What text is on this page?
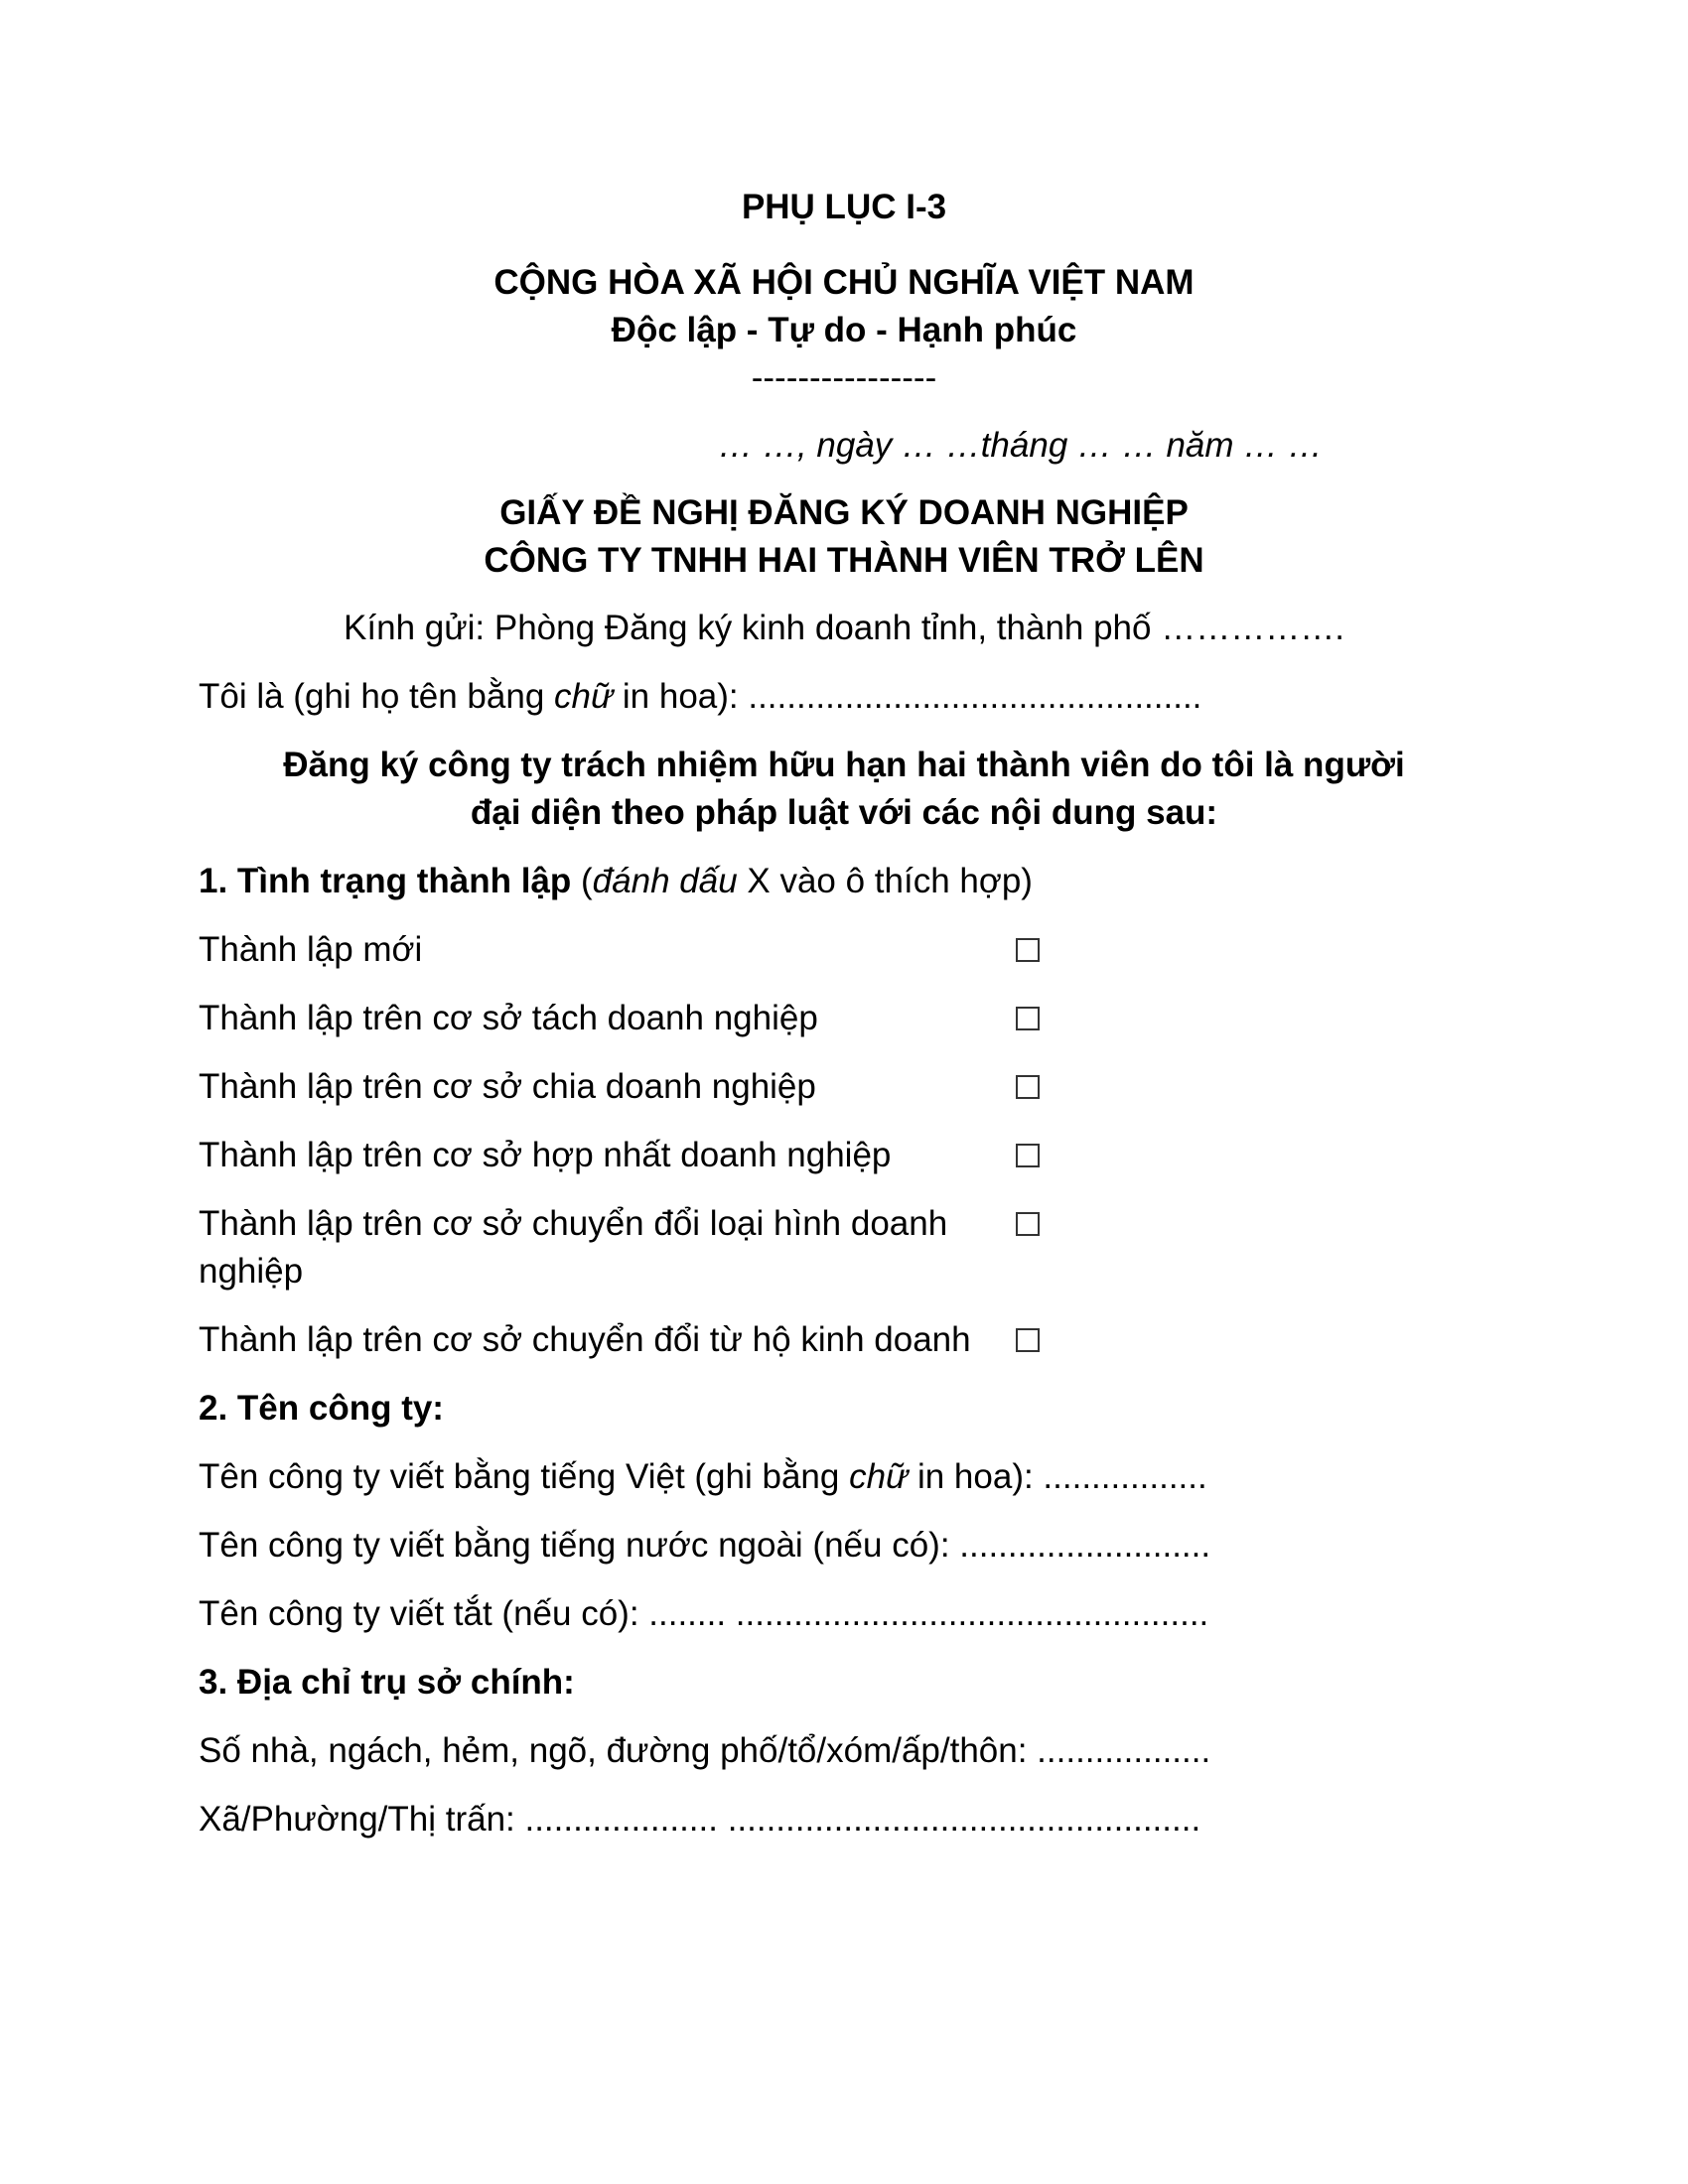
PHỤ LỤC I-3
CỘNG HÒA XÃ HỘI CHỦ NGHĨA VIỆT NAM
Độc lập - Tự do - Hạnh phúc
----------------
… …, ngày … …tháng … … năm … …
GIẤY ĐỀ NGHỊ ĐĂNG KÝ DOANH NGHIỆP
CÔNG TY TNHH HAI THÀNH VIÊN TRỞ LÊN
Kính gửi: Phòng Đăng ký kinh doanh tỉnh, thành phố …………….
Tôi là (ghi họ tên bằng chữ in hoa): ...............................................
Đăng ký công ty trách nhiệm hữu hạn hai thành viên do tôi là người
đại diện theo pháp luật với các nội dung sau:
1. Tình trạng thành lập (đánh dấu X vào ô thích hợp)
Thành lập mới
Thành lập trên cơ sở tách doanh nghiệp
Thành lập trên cơ sở chia doanh nghiệp
Thành lập trên cơ sở hợp nhất doanh nghiệp
Thành lập trên cơ sở chuyển đổi loại hình doanh nghiệp
Thành lập trên cơ sở chuyển đổi từ hộ kinh doanh
2. Tên công ty:
Tên công ty viết bằng tiếng Việt (ghi bằng chữ in hoa): .................
Tên công ty viết bằng tiếng nước ngoài (nếu có): ..........................
Tên công ty viết tắt (nếu có): ........ .................................................
3. Địa chỉ trụ sở chính:
Số nhà, ngách, hẻm, ngõ, đường phố/tổ/xóm/ấp/thôn: ..................
Xã/Phường/Thị trấn: .................... .................................................
